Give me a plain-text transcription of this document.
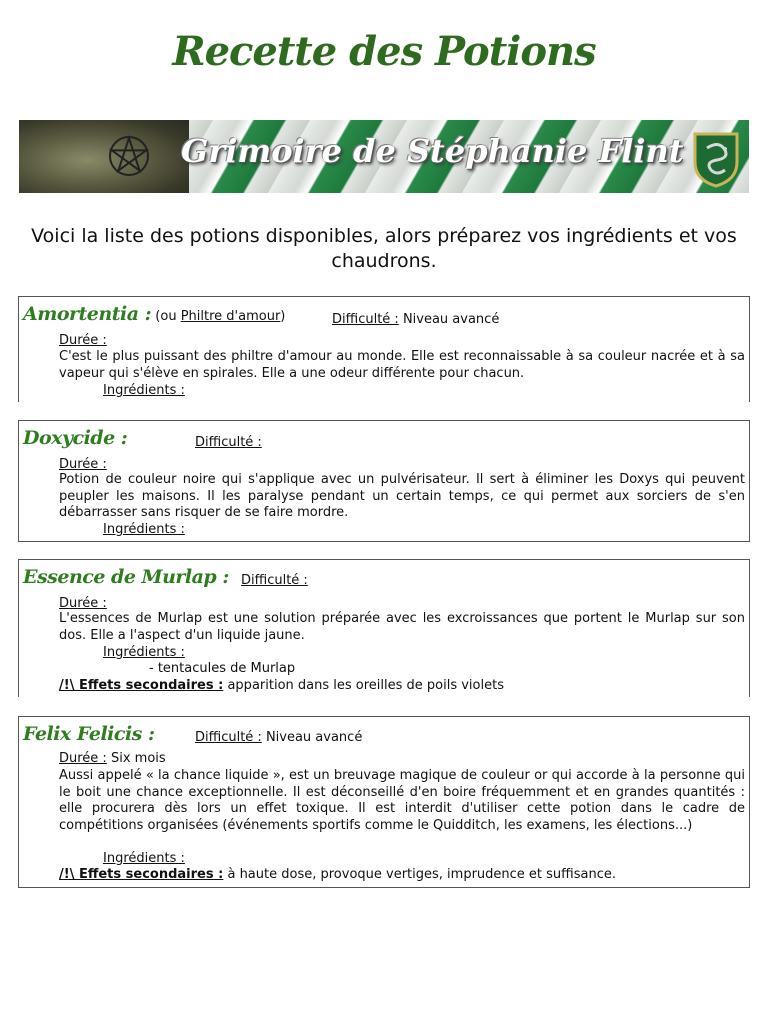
Recette des Potions
Grimoire de Stéphanie Flint
Voici la liste des potions disponibles, alors préparez vos ingrédients et vos chaudrons.
Amortentia : (ou Philtre d'amour)	Difficulté : Niveau avancé
Durée :
C'est le plus puissant des philtre d'amour au monde. Elle est reconnaissable à sa couleur nacrée et à sa vapeur qui s'élève en spirales. Elle a une odeur différente pour chacun.
Ingrédients :
Doxycide :	Difficulté :
Durée :
Potion de couleur noire qui s'applique avec un pulvérisateur. Il sert à éliminer les Doxys qui peuvent peupler les maisons. Il les paralyse pendant un certain temps, ce qui permet aux sorciers de s'en débarrasser sans risquer de se faire mordre.
Ingrédients :
Essence de Murlap : Difficulté :
Durée :
L'essences de Murlap est une solution préparée avec les excroissances que portent le Murlap sur son dos. Elle a l'aspect d'un liquide jaune.
Ingrédients :
- tentacules de Murlap
/!\ Effets secondaires : apparition dans les oreilles de poils violets
Felix Felicis :	Difficulté : Niveau avancé
Durée : Six mois
Aussi appelé « la chance liquide », est un breuvage magique de couleur or qui accorde à la personne qui le boit une chance exceptionnelle. Il est déconseillé d'en boire fréquemment et en grandes quantités : elle procurera dès lors un effet toxique. Il est interdit d'utiliser cette potion dans le cadre de compétitions organisées (événements sportifs comme le Quidditch, les examens, les élections...)
Ingrédients :
/!\ Effets secondaires : à haute dose, provoque vertiges, imprudence et suffisance.
